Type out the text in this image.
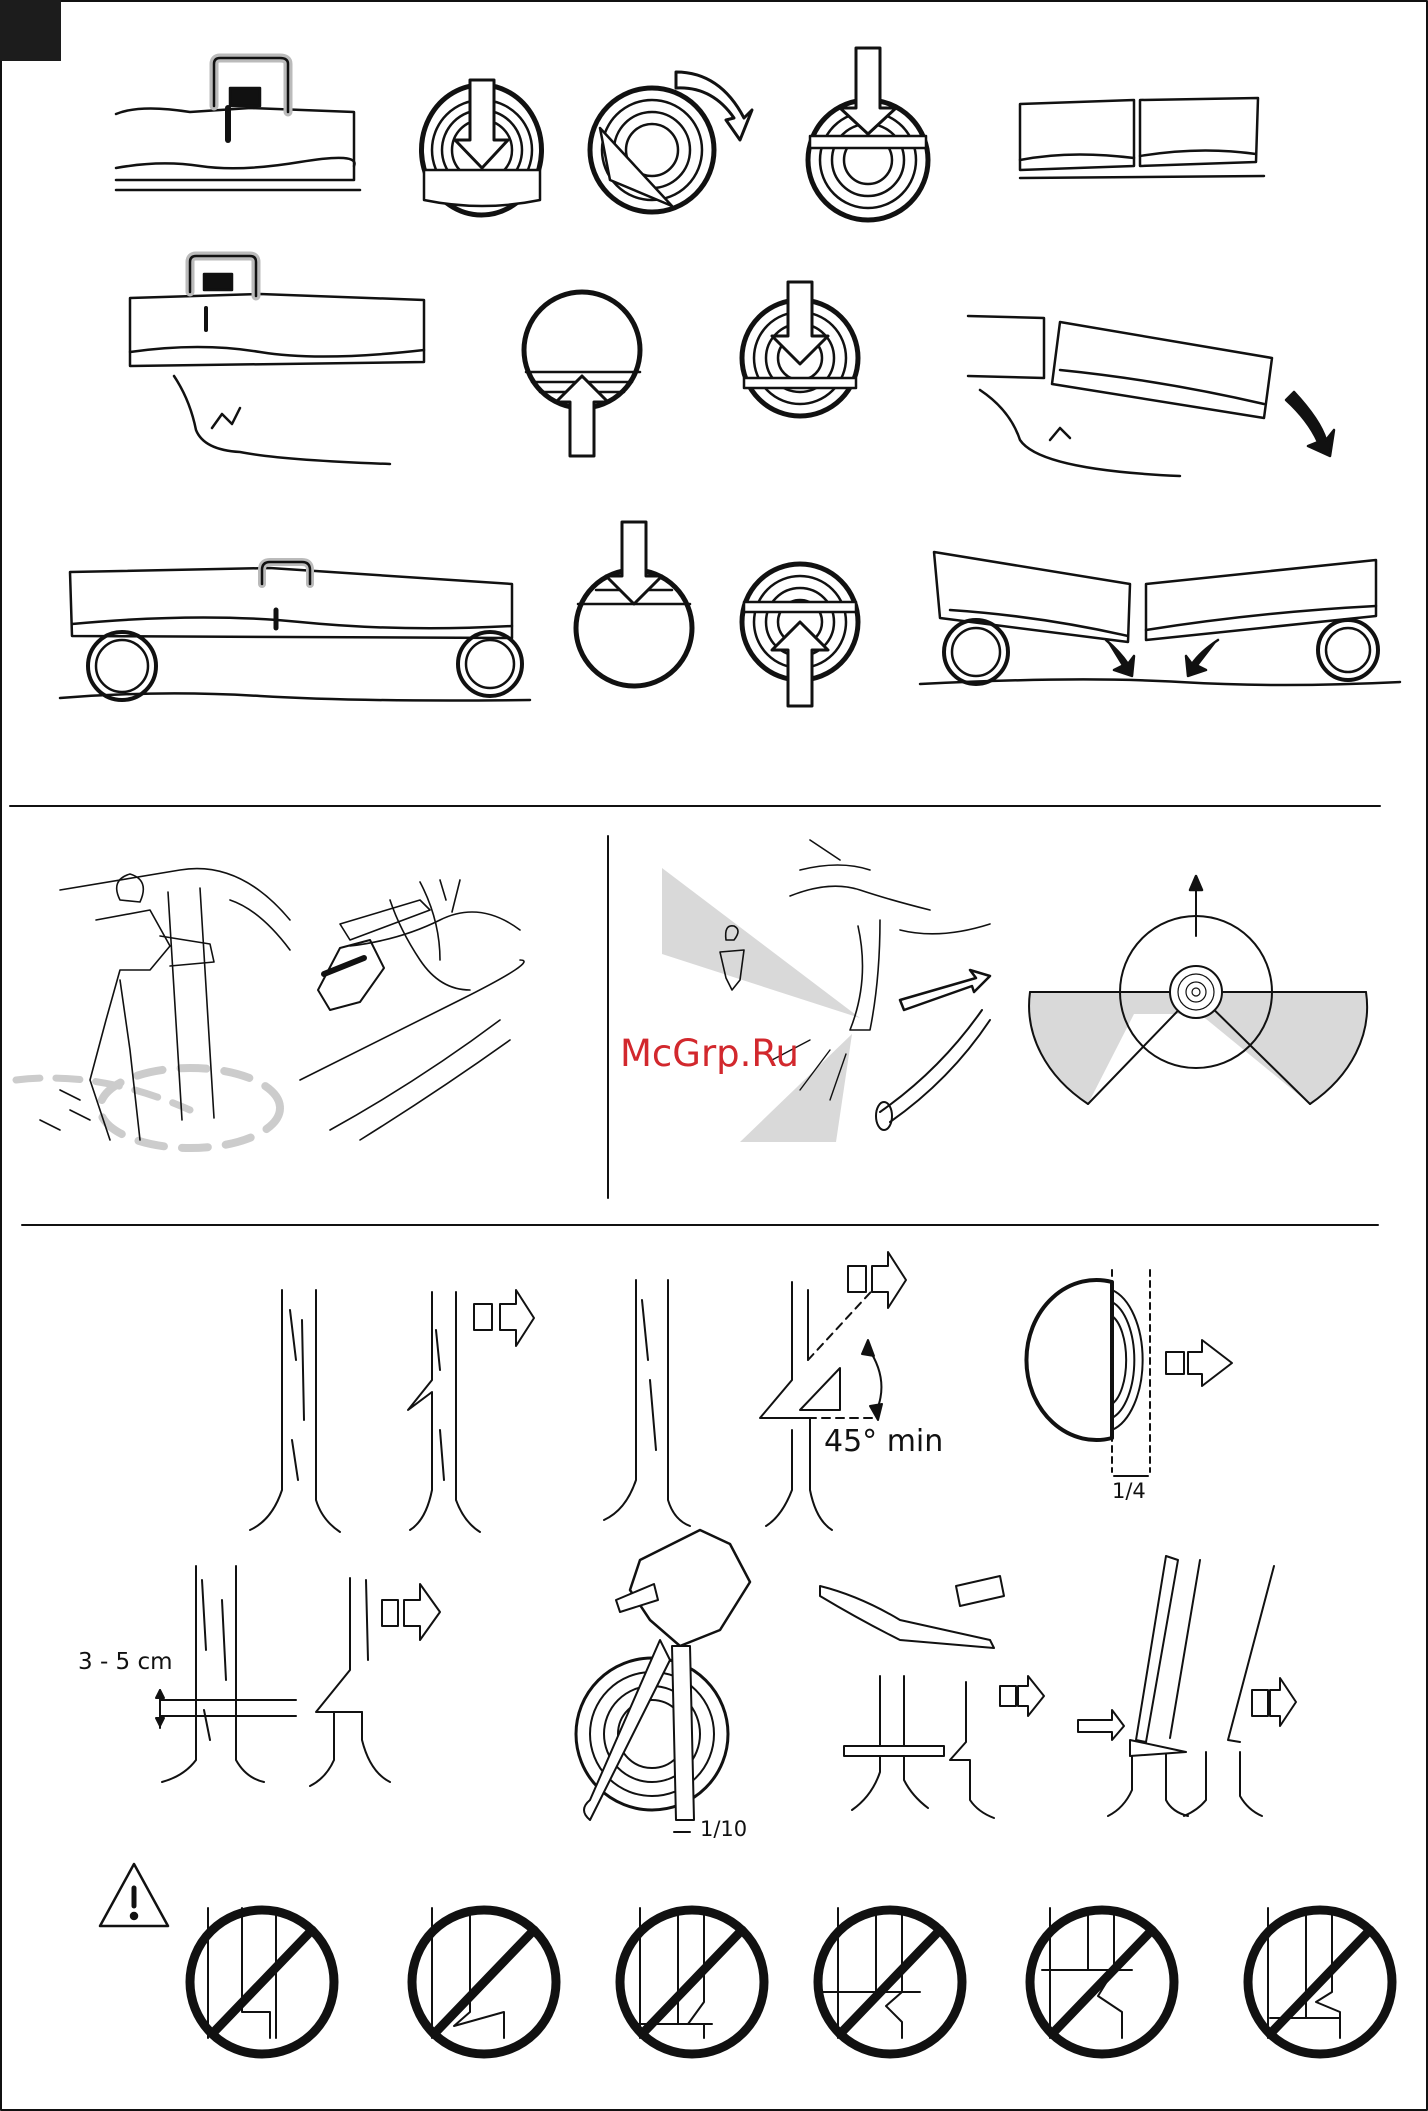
45° min
1/4
3 - 5 cm
1/10
McGrp.Ru
